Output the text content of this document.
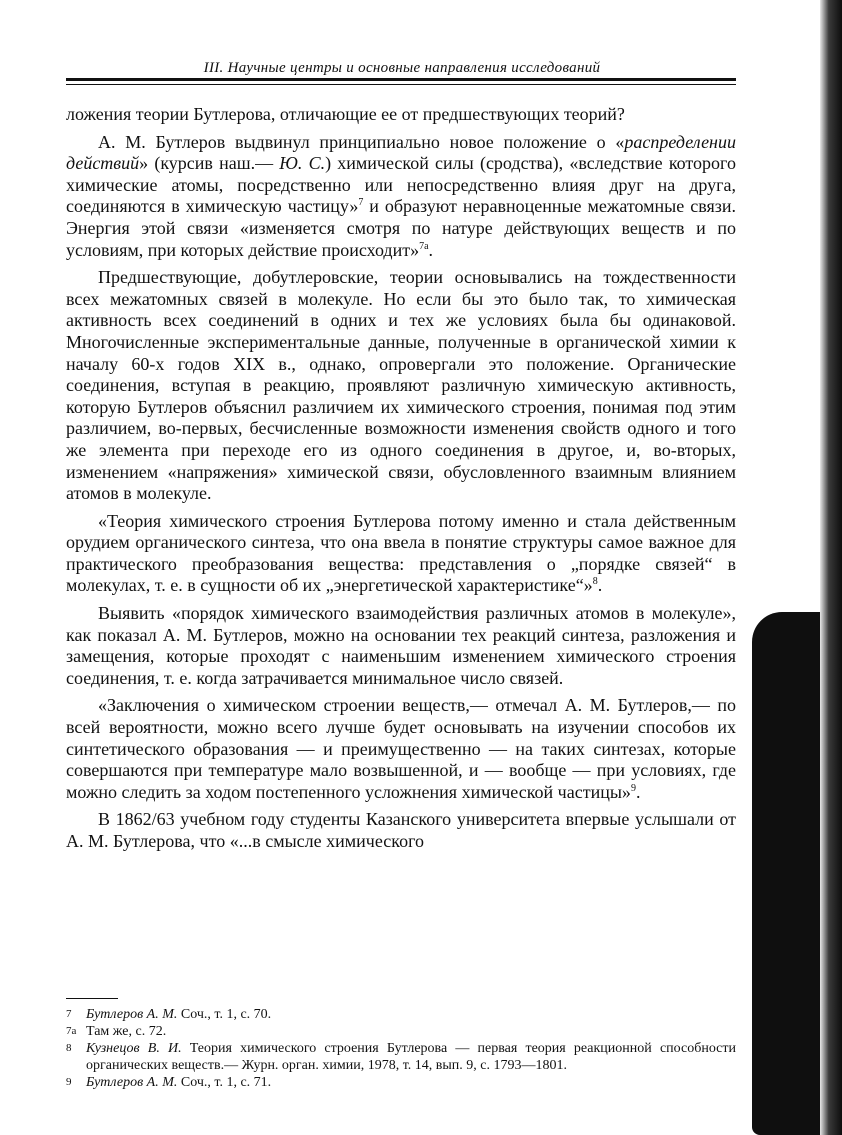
III. Научные центры и основные направления исследований

ложения теории Бутлерова, отличающие ее от предшествующих теорий?

А. М. Бутлеров выдвинул принципиально новое положение о «распределении действий» (курсив наш.— Ю. С.) химической силы (сродства), «вследствие которого химические атомы, посредственно или непосредственно влияя друг на друга, соединяются в химическую частицу»$^7$ и образуют неравноценные межатомные связи. Энергия этой связи «изменяется смотря по натуре действующих веществ и по условиям, при которых действие происходит»$^{7а}$.

Предшествующие, добутлеровские, теории основывались на тождественности всех межатомных связей в молекуле. Но если бы это было так, то химическая активность всех соединений в одних и тех же условиях была бы одинаковой. Многочисленные экспериментальные данные, полученные в органической химии к началу 60-х годов XIX в., однако, опровергали это положение. Органические соединения, вступая в реакцию, проявляют различную химическую активность, которую Бутлеров объяснил различием их химического строения, понимая под этим различием, во-первых, бесчисленные возможности изменения свойств одного и того же элемента при переходе его из одного соединения в другое, и, во-вторых, изменением «напряжения» химической связи, обусловленного взаимным влиянием атомов в молекуле.

«Теория химического строения Бутлерова потому именно и стала действенным орудием органического синтеза, что она ввела в понятие структуры самое важное для практического преобразования вещества: представления о „порядке связей“ в молекулах, т. е. в сущности об их „энергетической характеристике“»$^8$.

Выявить «порядок химического взаимодействия различных атомов в молекуле», как показал А. М. Бутлеров, можно на основании тех реакций синтеза, разложения и замещения, которые проходят с наименьшим изменением химического строения соединения, т. е. когда затрачивается минимальное число связей.

«Заключения о химическом строении веществ,— отмечал А. М. Бутлеров,— по всей вероятности, можно всего лучше будет основывать на изучении способов их синтетического образования — и преимущественно — на таких синтезах, которые совершаются при температуре мало возвышенной, и — вообще — при условиях, где можно следить за ходом постепенного усложнения химической частицы»$^9$.

В 1862/63 учебном году студенты Казанского университета впервые услышали от А. М. Бутлерова, что «...в смысле химического

7 Бутлеров А. М. Соч., т. 1, с. 70.

7а Там же, с. 72.

8 Кузнецов В. И. Теория химического строения Бутлерова — первая теория реакционной способности органических веществ.— Журн. орган. химии, 1978, т. 14, вып. 9, с. 1793—1801.

9 Бутлеров А. М. Соч., т. 1, с. 71.
